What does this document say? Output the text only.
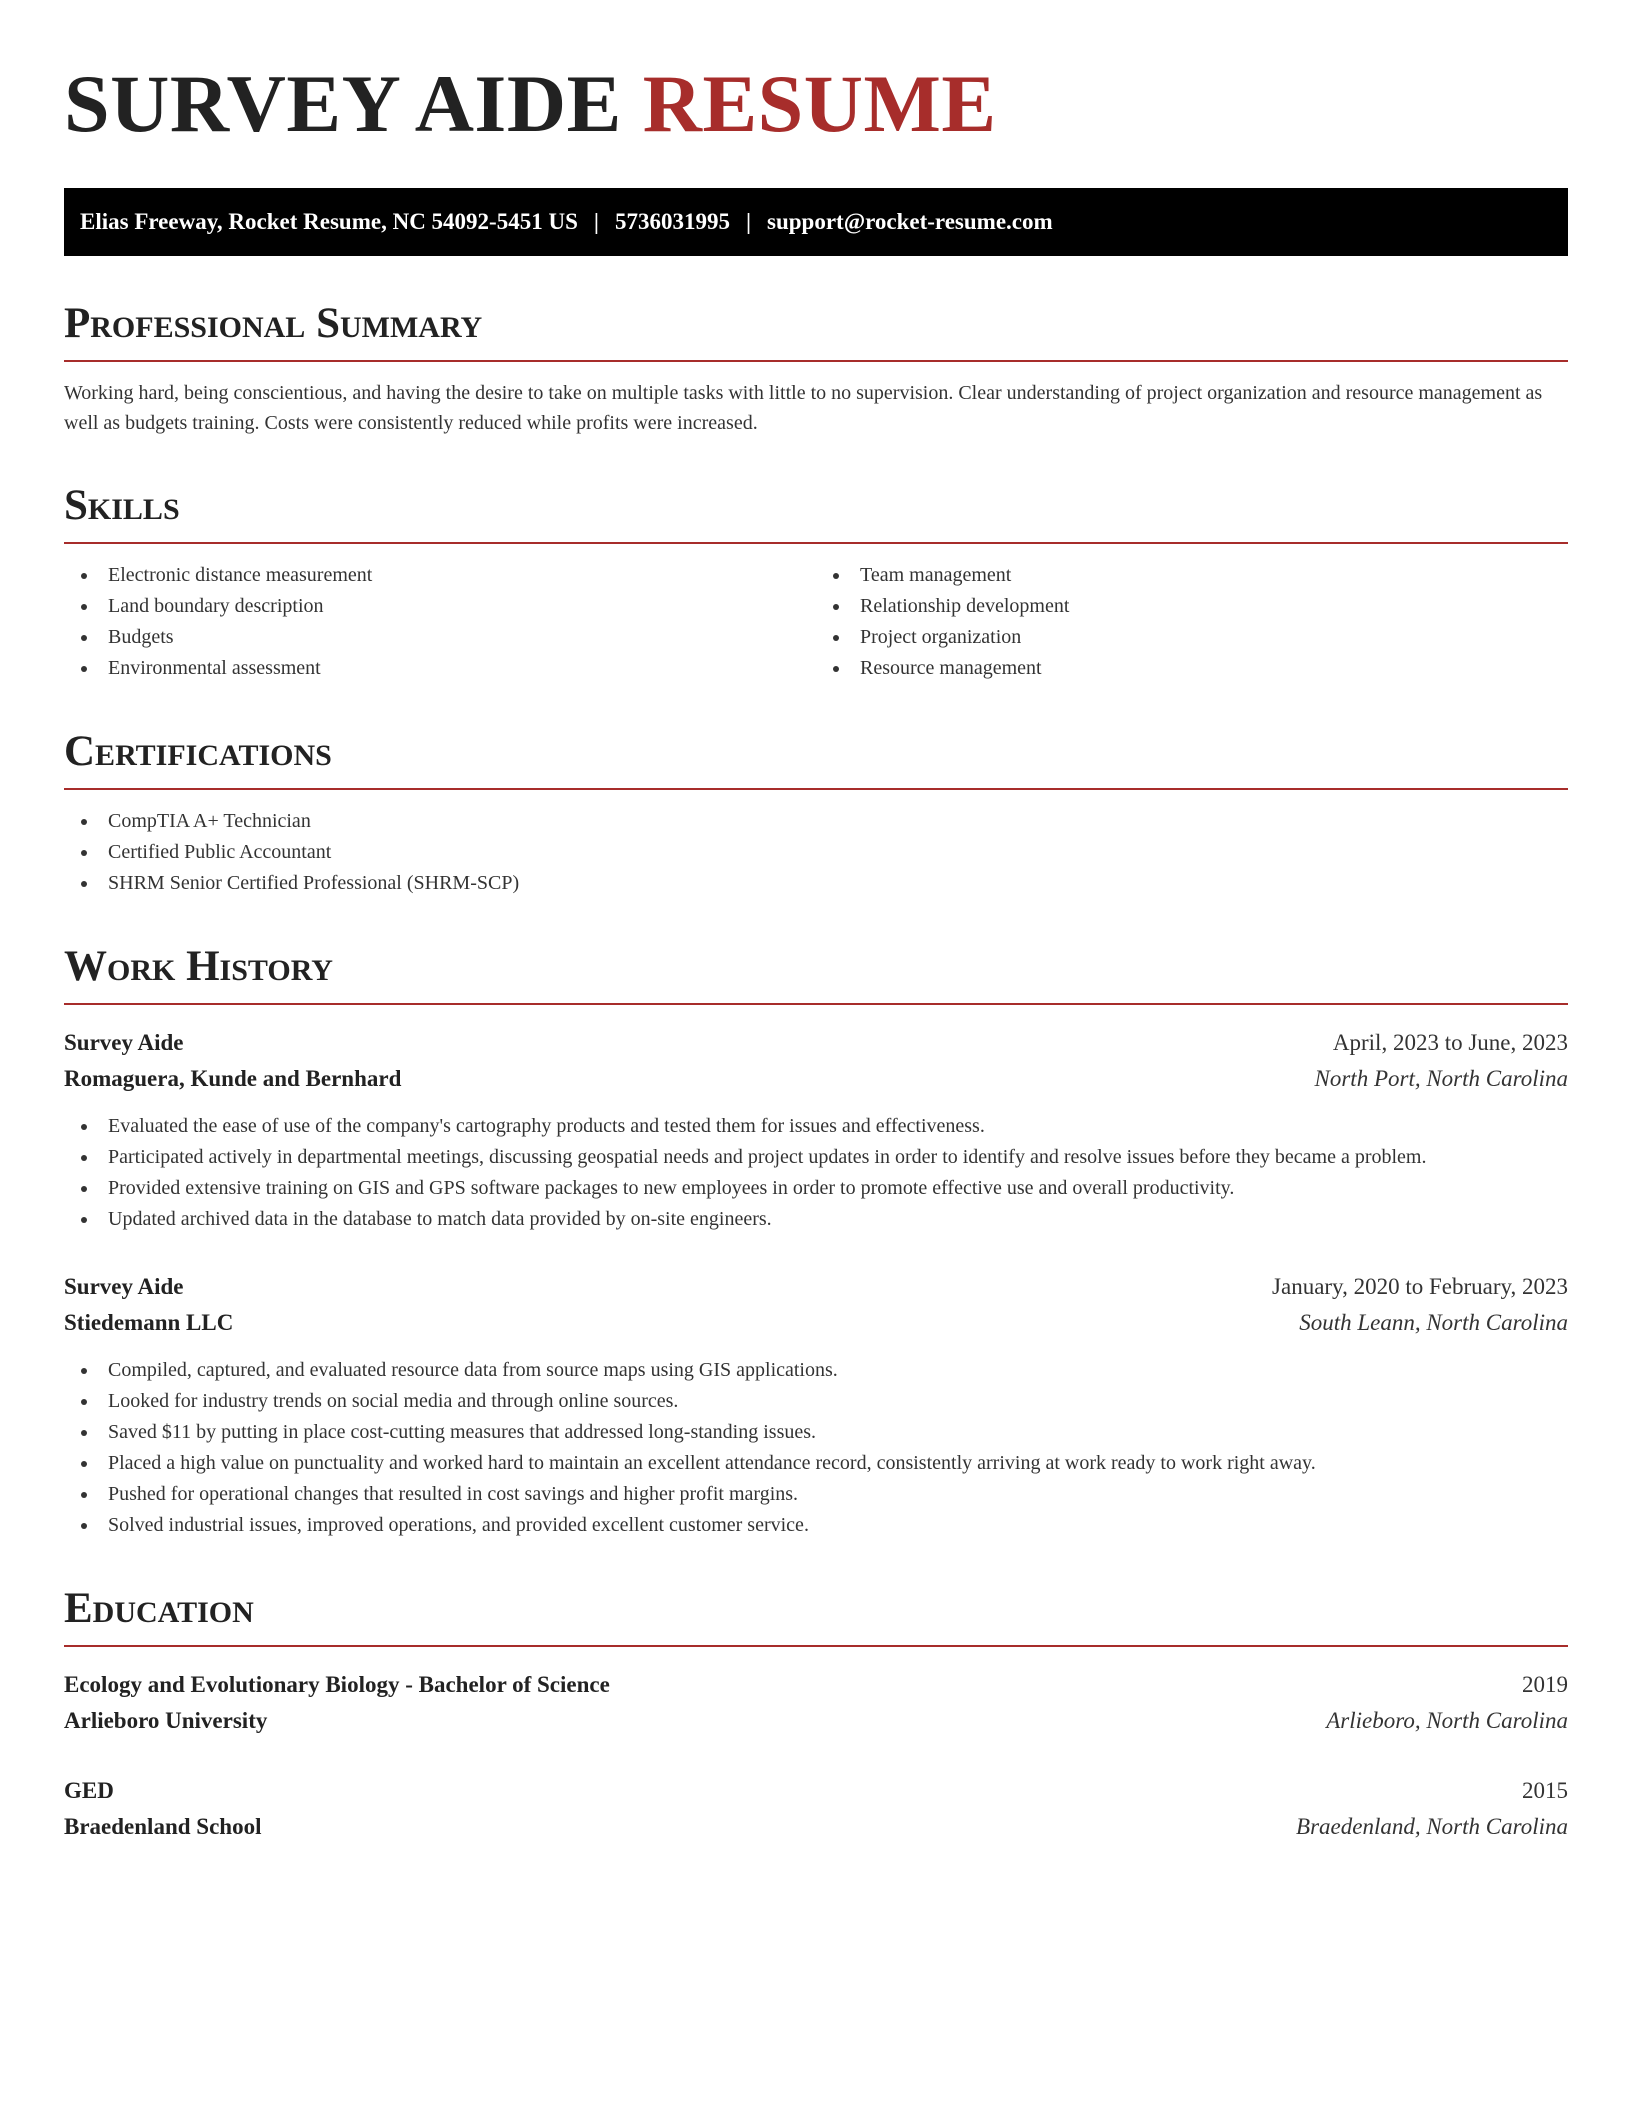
SURVEY AIDE RESUME
Elias Freeway, Rocket Resume, NC 54092-5451 US | 5736031995 | support@rocket-resume.com
Professional Summary

Working hard, being conscientious, and having the desire to take on multiple tasks with little to no supervision. Clear understanding of project organization and resource management as well as budgets training. Costs were consistently reduced while profits were increased.

Skills
Electronic distance measurement
Land boundary description
Budgets
Environmental assessment
Team management
Relationship development
Project organization
Resource management
Certifications
CompTIA A+ Technician
Certified Public Accountant
SHRM Senior Certified Professional (SHRM-SCP)
Work History
Survey Aide	April, 2023 to June, 2023
Romaguera, Kunde and Bernhard	North Port, North Carolina
Evaluated the ease of use of the company's cartography products and tested them for issues and effectiveness.
Participated actively in departmental meetings, discussing geospatial needs and project updates in order to identify and resolve issues before they became a problem.
Provided extensive training on GIS and GPS software packages to new employees in order to promote effective use and overall productivity.
Updated archived data in the database to match data provided by on-site engineers.
Survey Aide	January, 2020 to February, 2023
Stiedemann LLC	South Leann, North Carolina
Compiled, captured, and evaluated resource data from source maps using GIS applications.
Looked for industry trends on social media and through online sources.
Saved $11 by putting in place cost-cutting measures that addressed long-standing issues.
Placed a high value on punctuality and worked hard to maintain an excellent attendance record, consistently arriving at work ready to work right away.
Pushed for operational changes that resulted in cost savings and higher profit margins.
Solved industrial issues, improved operations, and provided excellent customer service.
Education
Ecology and Evolutionary Biology - Bachelor of Science	2019
Arlieboro University	Arlieboro, North Carolina
GED	2015
Braedenland School	Braedenland, North Carolina
